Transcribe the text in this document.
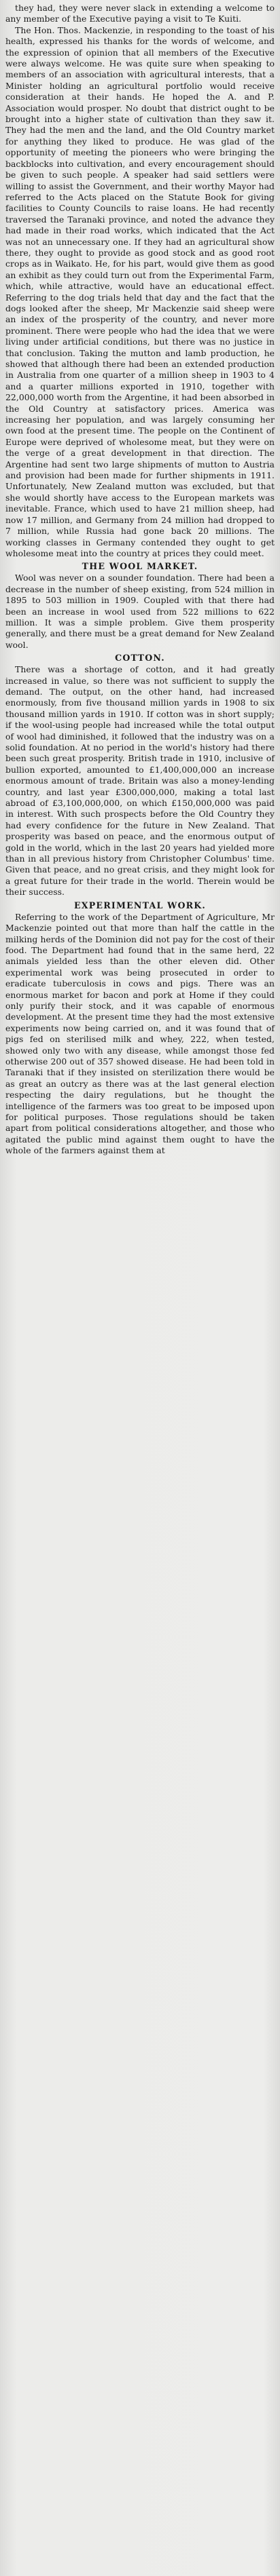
they had, they were never slack in extending a welcome to any member of the Executive paying a visit to Te Kuiti.

The Hon. Thos. Mackenzie, in responding to the toast of his health, expressed his thanks for the words of welcome, and the expression of opinion that all members of the Executive were always welcome. He was quite sure when speaking to members of an association with agricultural interests, that a Minister holding an agricultural portfolio would receive consideration at their hands. He hoped the A. and P. Association would prosper. No doubt that district ought to be brought into a higher state of cultivation than they saw it. They had the men and the land, and the Old Country market for anything they liked to produce. He was glad of the opportunity of meeting the pioneers who were bringing the backblocks into cultivation, and every encouragement should be given to such people. A speaker had said settlers were willing to assist the Government, and their worthy Mayor had referred to the Acts placed on the Statute Book for giving facilities to County Councils to raise loans. He had recently traversed the Taranaki province, and noted the advance they had made in their road works, which indicated that the Act was not an unnecessary one. If they had an agricultural show there, they ought to provide as good stock and as good root crops as in Waikato. He, for his part, would give them as good an exhibit as they could turn out from the Experimental Farm, which, while attractive, would have an educational effect. Referring to the dog trials held that day and the fact that the dogs looked after the sheep, Mr Mackenzie said sheep were an index of the prosperity of the country, and never more prominent. There were people who had the idea that we were living under artificial conditions, but there was no justice in that conclusion. Taking the mutton and lamb production, he showed that although there had been an extended production in Australia from one quarter of a million sheep in 1903 to 4 and a quarter millions exported in 1910, together with 22,000,000 worth from the Argentine, it had been absorbed in the Old Country at satisfactory prices. America was increasing her population, and was largely consuming her own food at the present time. The people on the Continent of Europe were deprived of wholesome meat, but they were on the verge of a great development in that direction. The Argentine had sent two large shipments of mutton to Austria and provision had been made for further shipments in 1911. Unfortunately, New Zealand mutton was excluded, but that she would shortly have access to the European markets was inevitable. France, which used to have 21 million sheep, had now 17 million, and Germany from 24 million had dropped to 7 million, while Russia had gone back 20 millions. The working classes in Germany contended they ought to get wholesome meat into the country at prices they could meet.

THE WOOL MARKET.

Wool was never on a sounder foundation. There had been a decrease in the number of sheep existing, from 524 million in 1895 to 503 million in 1909. Coupled with that there had been an increase in wool used from 522 millions to 622 million. It was a simple problem. Give them prosperity generally, and there must be a great demand for New Zealand wool.

COTTON.

There was a shortage of cotton, and it had greatly increased in value, so there was not sufficient to supply the demand. The output, on the other hand, had increased enormously, from five thousand million yards in 1908 to six thousand million yards in 1910. If cotton was in short supply; if the wool-using people had increased while the total output of wool had diminished, it followed that the industry was on a solid foundation. At no period in the world's history had there been such great prosperity. British trade in 1910, inclusive of bullion exported, amounted to £1,400,000,000 an increase enormous amount of trade. Britain was also a money-lending country, and last year £300,000,000, making a total last abroad of £3,100,000,000, on which £150,000,000 was paid in interest. With such prospects before the Old Country they had every confidence for the future in New Zealand. That prosperity was based on peace, and the enormous output of gold in the world, which in the last 20 years had yielded more than in all previous history from Christopher Columbus' time. Given that peace, and no great crisis, and they might look for a great future for their trade in the world. Therein would be their success.

EXPERIMENTAL WORK.

Referring to the work of the Department of Agriculture, Mr Mackenzie pointed out that more than half the cattle in the milking herds of the Dominion did not pay for the cost of their food. The Department had found that in the same herd, 22 animals yielded less than the other eleven did. Other experimental work was being prosecuted in order to eradicate tuberculosis in cows and pigs. There was an enormous market for bacon and pork at Home if they could only purify their stock, and it was capable of enormous development. At the present time they had the most extensive experiments now being carried on, and it was found that of pigs fed on sterilised milk and whey, 222, when tested, showed only two with any disease, while amongst those fed otherwise 200 out of 357 showed disease. He had been told in Taranaki that if they insisted on sterilization there would be as great an outcry as there was at the last general election respecting the dairy regulations, but he thought the intelligence of the farmers was too great to be imposed upon for political purposes. Those regulations should be taken apart from political considerations altogether, and those who agitated the public mind against them ought to have the whole of the farmers against them at
